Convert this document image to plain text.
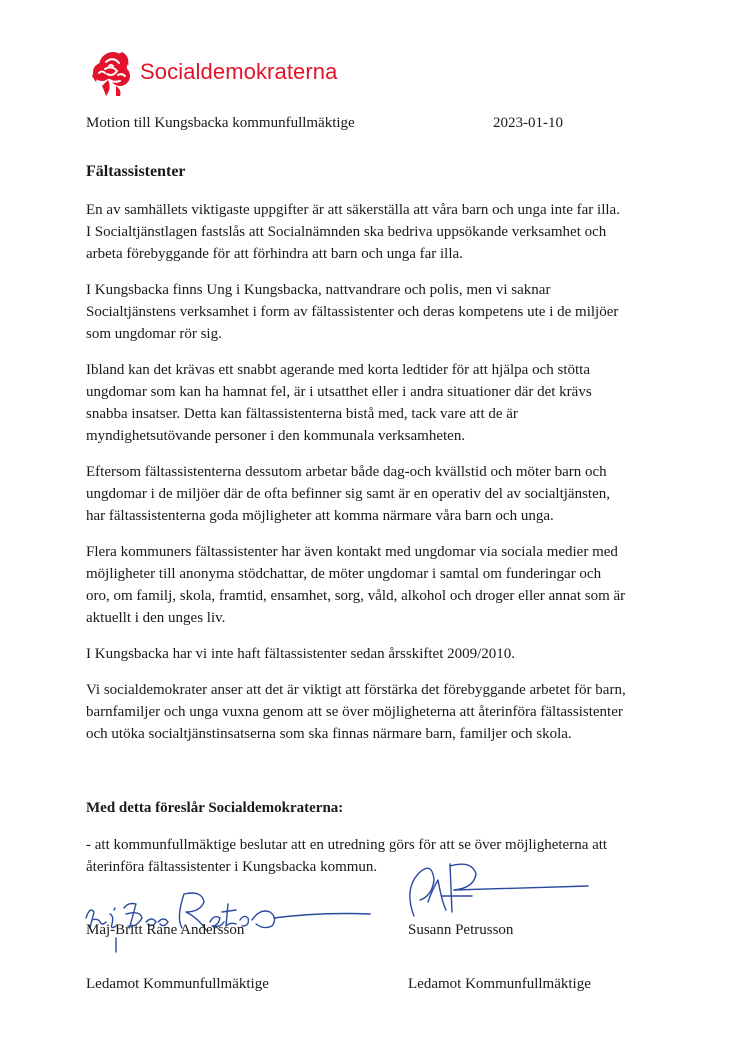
Socialdemokraterna
Motion till Kungsbacka kommunfullmäktige	2023-01-10
Fältassistenter

En av samhällets viktigaste uppgifter är att säkerställa att våra barn och unga inte far illa. I Socialtjänstlagen fastslås att Socialnämnden ska bedriva uppsökande verksamhet och arbeta förebyggande för att förhindra att barn och unga far illa.

I Kungsbacka finns Ung i Kungsbacka, nattvandrare och polis, men vi saknar Socialtjänstens verksamhet i form av fältassistenter och deras kompetens ute i de miljöer som ungdomar rör sig.

Ibland kan det krävas ett snabbt agerande med korta ledtider för att hjälpa och stötta ungdomar som kan ha hamnat fel, är i utsatthet eller i andra situationer där det krävs snabba insatser. Detta kan fältassistenterna bistå med, tack vare att de är myndighetsutövande personer i den kommunala verksamheten.

Eftersom fältassistenterna dessutom arbetar både dag-och kvällstid och möter barn och ungdomar i de miljöer där de ofta befinner sig samt är en operativ del av socialtjänsten, har fältassistenterna goda möjligheter att komma närmare våra barn och unga.

Flera kommuners fältassistenter har även kontakt med ungdomar via sociala medier med möjligheter till anonyma stödchattar, de möter ungdomar i samtal om funderingar och oro, om familj, skola, framtid, ensamhet, sorg, våld, alkohol och droger eller annat som är aktuellt i den unges liv.

I Kungsbacka har vi inte haft fältassistenter sedan årsskiftet 2009/2010.

Vi socialdemokrater anser att det är viktigt att förstärka det förebyggande arbetet för barn, barnfamiljer och unga vuxna genom att se över möjligheterna att återinföra fältassistenter och utöka socialtjänstinsatserna som ska finnas närmare barn, familjer och skola.

Med detta föreslår Socialdemokraterna:

- att kommunfullmäktige beslutar att en utredning görs för att se över möjligheterna att återinföra fältassistenter i Kungsbacka kommun.

Maj-Britt Rane Andersson
Ledamot Kommunfullmäktige
Susann Petrusson
Ledamot Kommunfullmäktige
